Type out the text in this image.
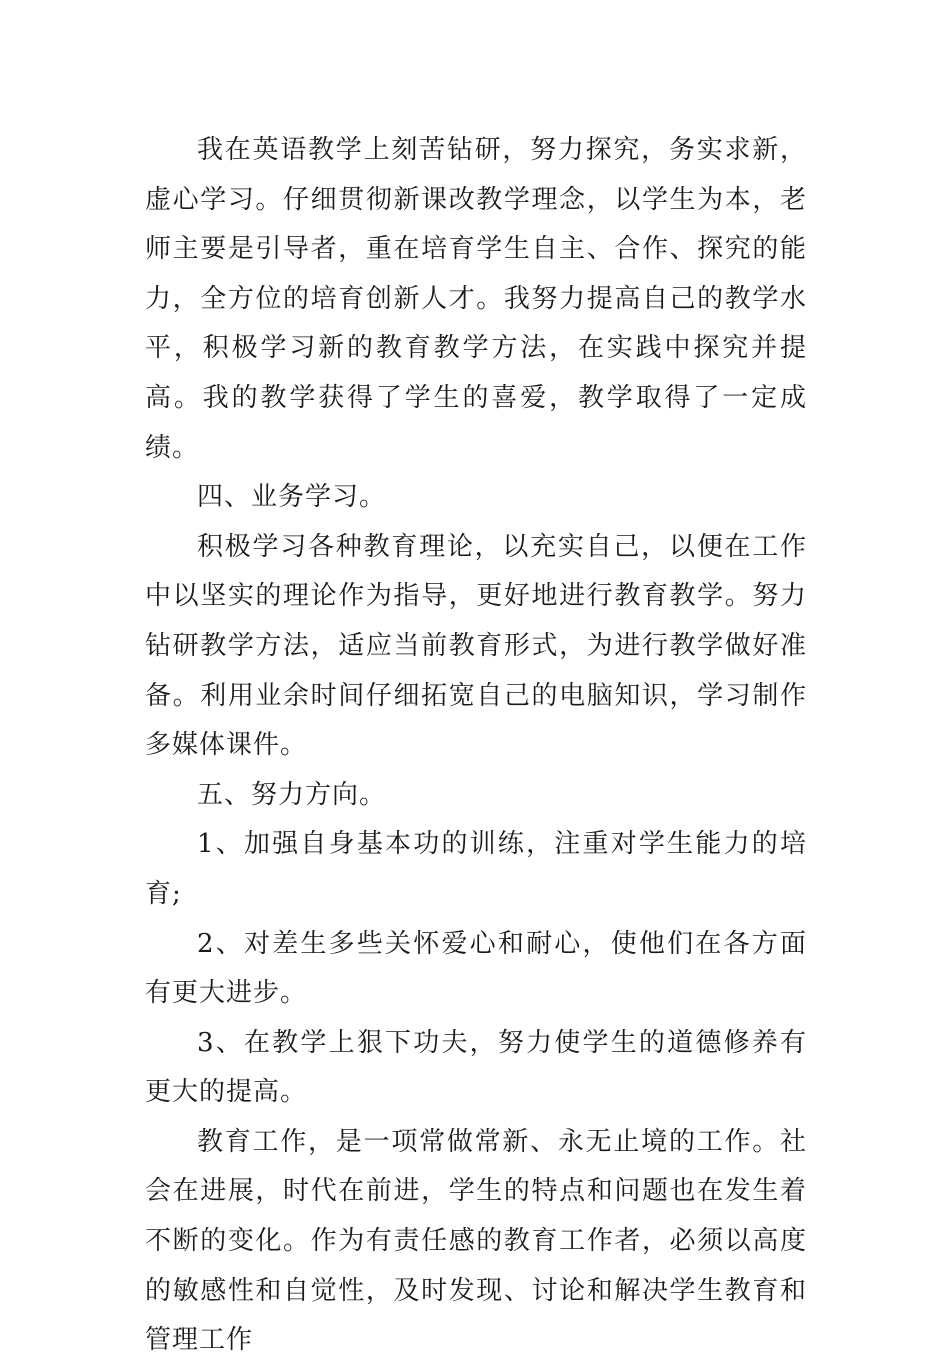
我在英语教学上刻苦钻研，努力探究，务实求新，虚心学习。仔细贯彻新课改教学理念，以学生为本，老师主要是引导者，重在培育学生自主、合作、探究的能力，全方位的培育创新人才。我努力提高自己的教学水平，积极学习新的教育教学方法，在实践中探究并提高。我的教学获得了学生的喜爱，教学取得了一定成绩。

四、业务学习。

积极学习各种教育理论，以充实自己，以便在工作中以坚实的理论作为指导，更好地进行教育教学。努力钻研教学方法，适应当前教育形式，为进行教学做好准备。利用业余时间仔细拓宽自己的电脑知识，学习制作多媒体课件。

五、努力方向。

1、加强自身基本功的训练，注重对学生能力的培育;

2、对差生多些关怀爱心和耐心，使他们在各方面有更大进步。

3、在教学上狠下功夫，努力使学生的道德修养有更大的提高。

教育工作，是一项常做常新、永无止境的工作。社会在进展，时代在前进，学生的特点和问题也在发生着不断的变化。作为有责任感的教育工作者，必须以高度的敏感性和自觉性，及时发现、讨论和解决学生教育和管理工作
